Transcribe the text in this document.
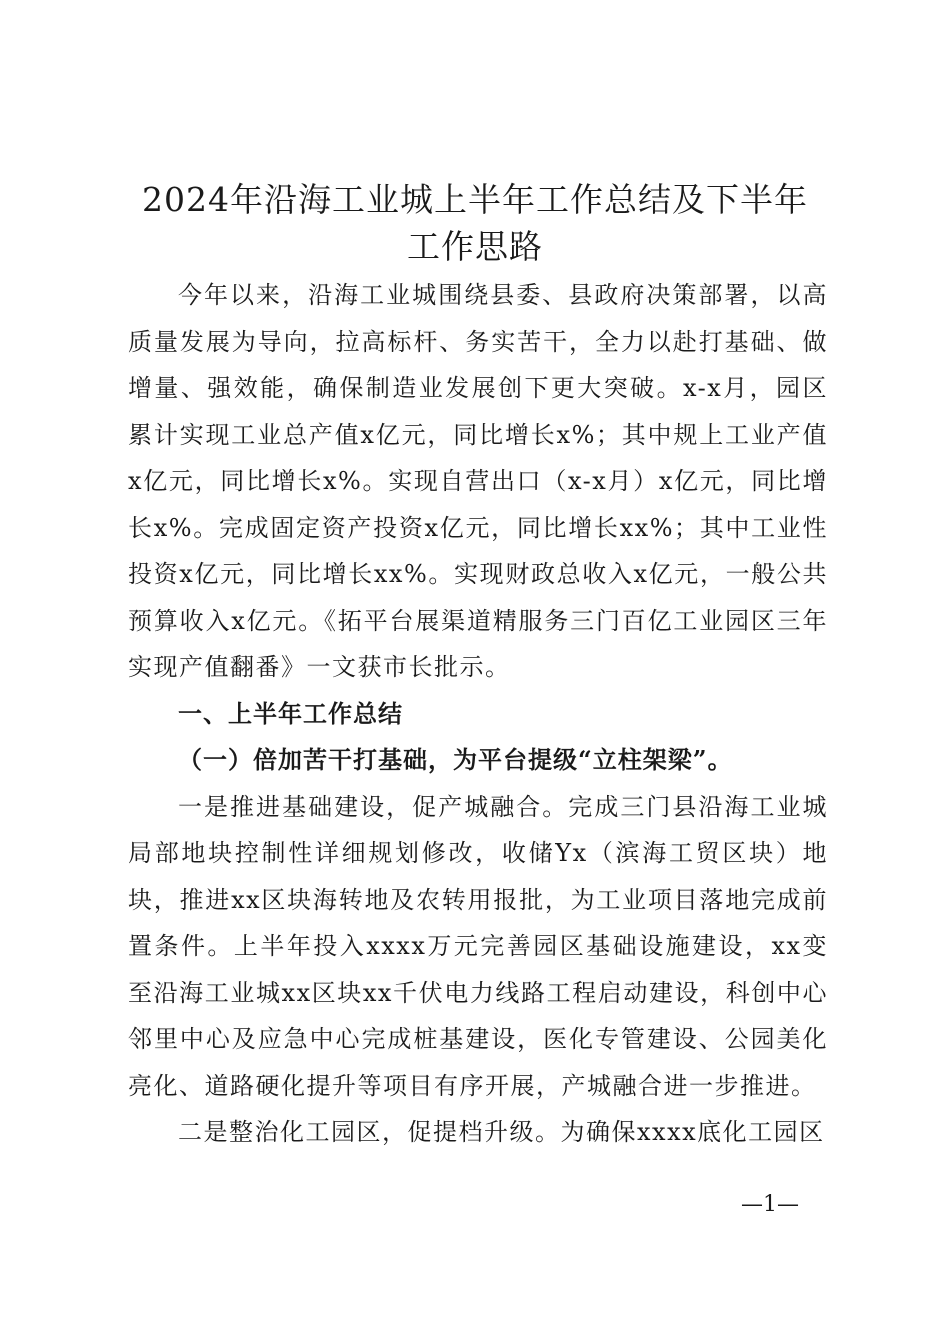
2024年沿海工业城上半年工作总结及下半年
工作思路

今年以来，沿海工业城围绕县委、县政府决策部署，以高质量发展为导向，拉高标杆、务实苦干，全力以赴打基础、做增量、强效能，确保制造业发展创下更大突破。x-x月，园区累计实现工业总产值x亿元，同比增长x%；其中规上工业产值x亿元，同比增长x%。实现自营出口（x-x月）x亿元，同比增长x%。完成固定资产投资x亿元，同比增长xx%；其中工业性投资x亿元，同比增长xx%。实现财政总收入x亿元，一般公共预算收入x亿元。《拓平台展渠道精服务三门百亿工业园区三年实现产值翻番》一文获市长批示。

一、上半年工作总结

（一）倍加苦干打基础，为平台提级“立柱架梁”。

一是推进基础建设，促产城融合。完成三门县沿海工业城局部地块控制性详细规划修改，收储Yx（滨海工贸区块）地块，推进xx区块海转地及农转用报批，为工业项目落地完成前置条件。上半年投入xxxx万元完善园区基础设施建设，xx变至沿海工业城xx区块xx千伏电力线路工程启动建设，科创中心邻里中心及应急中心完成桩基建设，医化专管建设、公园美化亮化、道路硬化提升等项目有序开展，产城融合进一步推进。

二是整治化工园区，促提档升级。为确保xxxx底化工园区

—1—
